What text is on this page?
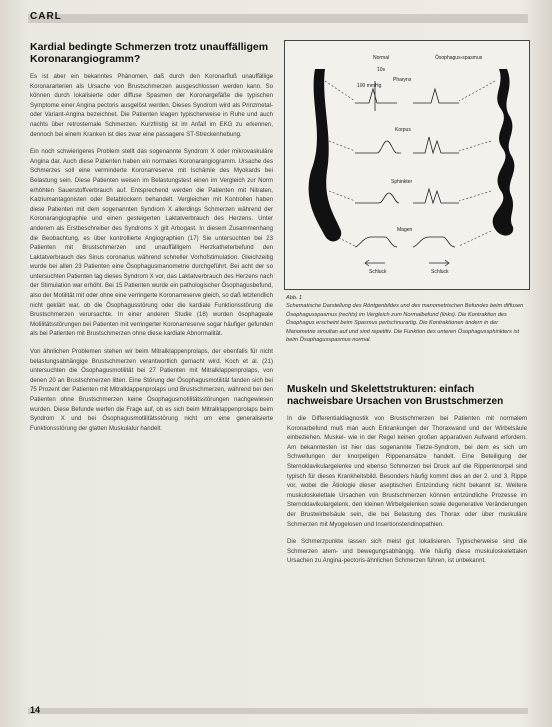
CARL
Kardial bedingte Schmerzen trotz unauffälligem Koronarangiogramm?

Es ist aber ein bekanntes Phänomen, daß durch den Koronarfluß unauffällige Koronararterien als Ursache von Brustschmerzen ausgeschlossen werden kann. So können durch lokalisierte oder diffuse Spasmen der Koronargefäße die typischen Symptome einer Angina pectoris ausgelöst werden. Dieses Syndrom wird als Prinzmetal- oder Variant-Angina bezeichnet. Die Patienten klagen typischerweise in Ruhe und auch nachts über retrosternale Schmerzen. Kurzfristig ist im Anfall im EKG zu erkennen, dennoch bei einem Kranken ist dies zwar eine passagere ST-Streckenhebung.

Ein noch schwierigeres Problem stellt das sogenannte Syndrom X oder mikrovaskuläre Angina dar. Auch diese Patienten haben ein normales Koronarangiogramm. Ursache des Schmerzes soll eine verminderte Koronarreserve mit Ischämie des Myokards bei Belastung sein. Diese Patienten weisen im Belastungstest einen im Vergleich zur Norm erhöhten Sauerstoffverbrauch auf. Entsprechend werden die Patienten mit Nitraten, Kalziumantagonisten oder Betablockern behandelt. Vergleichen mit Kontrollen haben diese Patienten mit dem sogenannten Syndrom X allerdings Schmerzen während der Koronarangiographie und einen gesteigerten Laktatverbrauch des Herzens. Unter anderem als Erstbeschreiber des Syndroms X gilt Arbogast. In diesem Zusammenhang die Beobachtung, es über kontrollierte Angiographien (17) Sie untersuchten bei 23 Patienten mit Brustschmerzen und unauffälligem Herzkatheterbefund den Laktatverbrauch des Sinus coronarius während schneller Vorhofstimulation. Gleichzeitig wurde bei allen 23 Patienten eine Ösophagusmanometrie durchgeführt. Bei acht der so untersuchten Patienten lag dieses Syndrom X vor, das Laktatverbrauch des Herzens nach der Stimulation war erhöht. Bei 15 Patienten wurde ein pathologischer Ösophagusbefund, also der Motilität mit oder ohne eine verringerte Koronarreserve gleich, so daß letztendlich nicht geklärt war, ob die Ösophagusstörung oder die kardiale Funktionsstörung die Brustschmerzen verursachte. In einer anderen Studie (18) wurden ösophageale Motilitätsstörungen bei Patienten mit verringerter Koronarreserve sogar häufiger gefunden als bei Patienten mit Brustschmerzen ohne diese kardiale Abnormalität.

Von ähnlichen Problemen stehen wir beim Mitralklappenprolaps, der ebenfalls für nicht belastungsabhängige Brustschmerzen verantwortlich gemacht wird. Koch et al. (21) untersuchten die Ösophagusmotilität bei 27 Patienten mit Mitralklappenprolaps, von denen 20 an Brustschmerzen litten. Eine Störung der Ösophagusmotilität fanden sich bei 75 Prozent der Patienten mit Mitralklappenprolaps und Brustschmerzen, während bei den Patienten ohne Brustschmerzen keine Ösophagusmotilitätsstörungen nachgewiesen wurden. Diese Befunde werfen die Frage auf, ob es sich beim Mitralklappenprolaps beim Syndrom X und bei Ösophagusmotilitätsstörung nicht um eine generalisierte Funktionsstörung der glatten Muskulatur handelt.

Normal	Ösophagus-spasmus
Pharynx
Korpus
Sphinkter
Magen
10s
100 mmHg
Schluck	Schluck
Abb. 1
Schematische Darstellung des Röntgenbildes und des manometrischen Befundes beim diffusen Ösophagusspasmus (rechts) im Vergleich zum Normalbefund (links). Die Kontraktion des Ösophagus erscheint beim Spasmus perlschnurartig. Die Kontraktionen ändern in der Manometrie simultan auf und sind repetitiv. Die Funktion des unteren Ösophagussphinkters ist beim Ösophagusspasmus normal.
Muskeln und Skelettstrukturen: einfach nachweisbare Ursachen von Brustschmerzen

In die Differentialdiagnostik von Brustschmerzen bei Patienten mit normalem Koronarbefund muß man auch Erkrankungen der Thoraxwand und der Wirbelsäule einbeziehen. Muskel- wie in der Regel keinen großen apparativen Aufwand erfordern. Am bekanntesten ist hier das sogenannte Tietze-Syndrom, bei dem es sich um Schwellungen der knorpeligen Rippenansätze handelt. Eine Beteiligung der Sternoklavikulargelenke und ebenso Schmerzen bei Druck auf die Rippenknorpel sind typisch für dieses Krankheitsbild. Besonders häufig kommt dies an der 2. und 3. Rippe vor, wobei die Ätiologie dieser aseptischen Entzündung nicht bekannt ist. Weitere muskuloskelettale Ursachen von Brustschmerzen können entzündliche Prozesse im Sternoklavikulargelenk, den kleinen Wirbelgelenken sowie degenerative Veränderungen der Brustwirbelsäule sein, die bei Belastung des Thorax oder über muskuläre Schmerzen mit Myogelosen und Insertionstendinopathien.

Die Schmerzpunkte lassen sich meist gut lokalisieren. Typischerweise sind die Schmerzen atem- und bewegungsabhängig. Wie häufig diese muskuloskelettalen Ursachen zu Angina-pectoris-ähnlichen Schmerzen führen, ist unbekannt.

14
